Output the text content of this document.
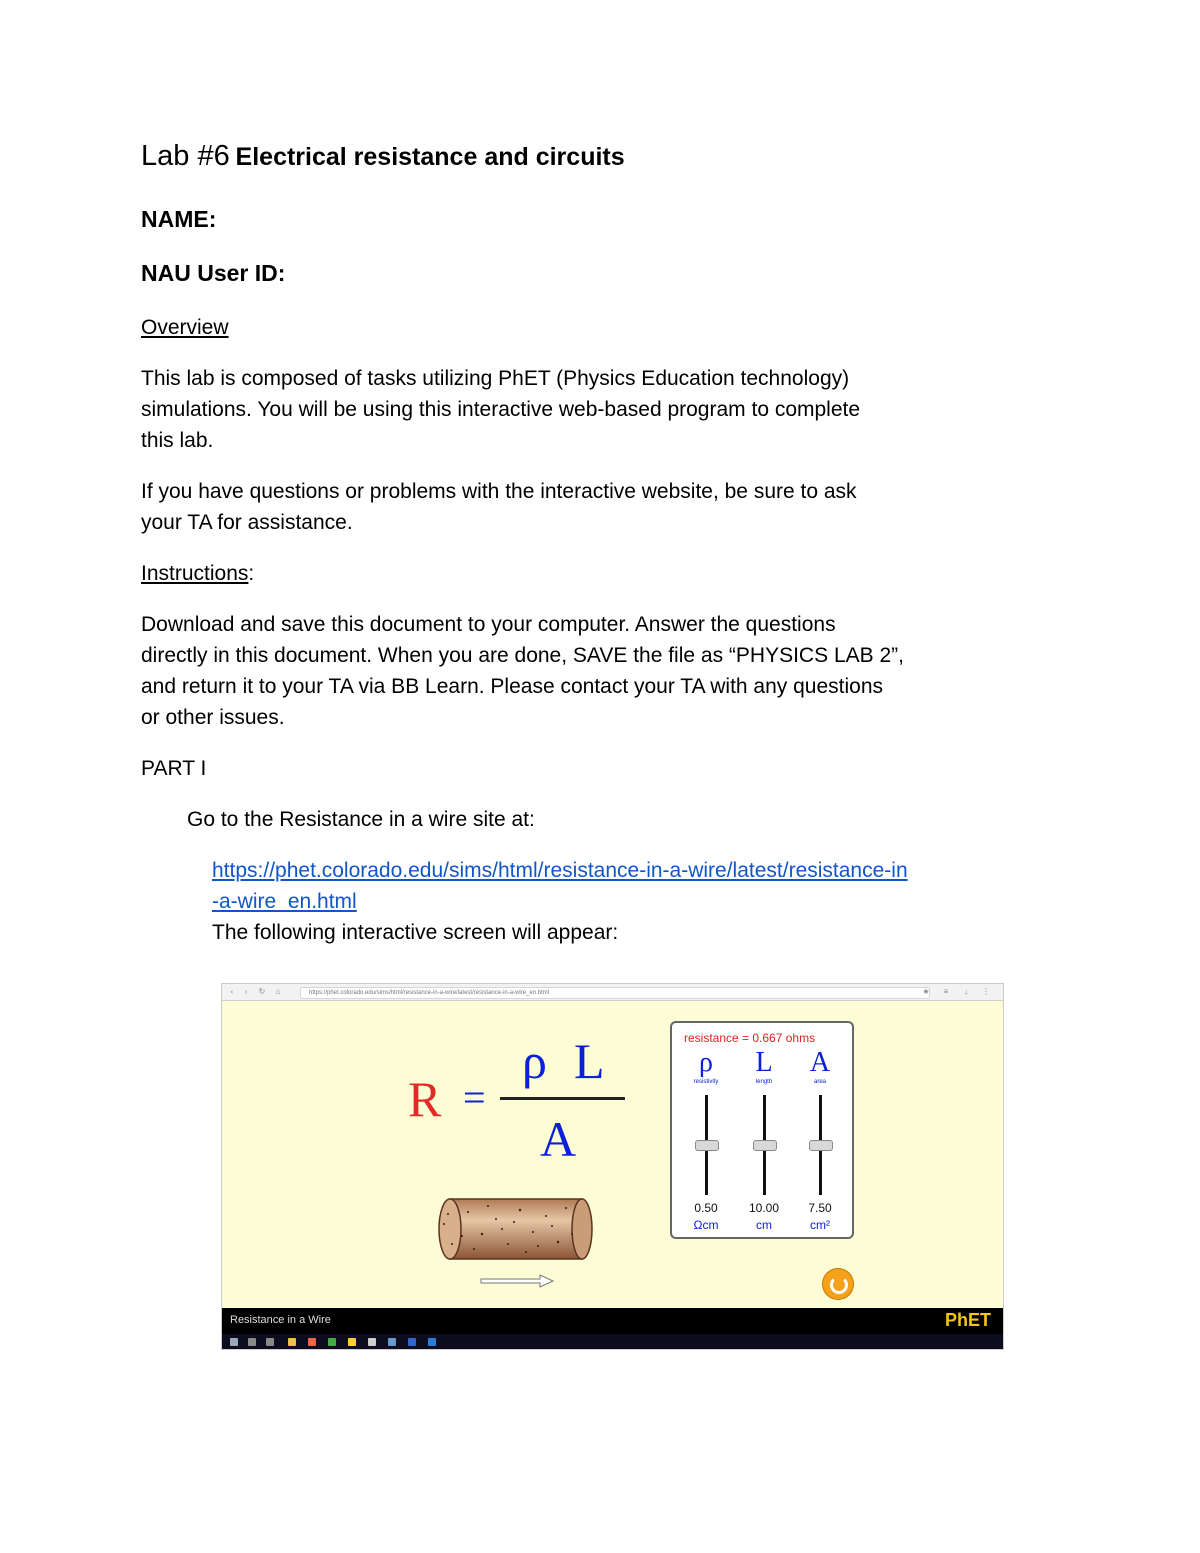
Lab #6 Electrical resistance and circuits
NAME:
NAU User ID:
Overview
This lab is composed of tasks utilizing PhET (Physics Education technology)
simulations. You will be using this interactive web-based program to complete
this lab.
If you have questions or problems with the interactive website, be sure to ask
your TA for assistance.
Instructions:
Download and save this document to your computer. Answer the questions
directly in this document. When you are done, SAVE the file as “PHYSICS LAB 2”,
and return it to your TA via BB Learn. Please contact your TA with any questions
or other issues.
PART I
Go to the Resistance in a wire site at:
https://phet.colorado.edu/sims/html/resistance-in-a-wire/latest/resistance-in
-a-wire_en.html
The following interactive screen will appear:
‹	›	↻ ⌂	https://phet.colorado.edu/sims/html/resistance-in-a-wire/latest/resistance-in-a-wire_en.html	★ ≡ ↓ ⋮
R =
ρ L
A
resistance = 0.667 ohms
ρ	L	A
resistivity	length	area
0.50	10.00	7.50
Ωcm	cm	cm²
Resistance in a Wire	PhET
